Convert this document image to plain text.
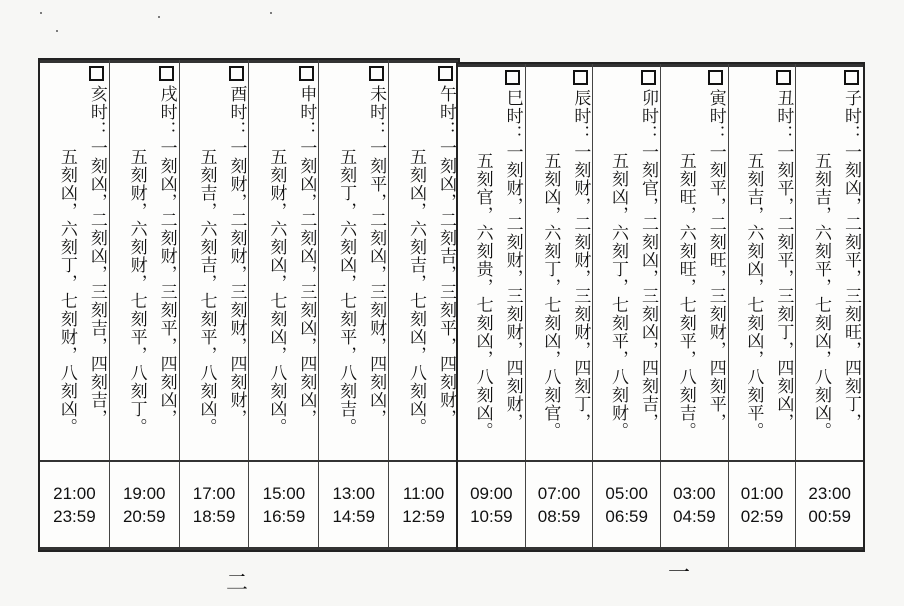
亥时：一刻凶，二刻凶，三刻吉，四刻吉，
五刻凶，六刻丁，七刻财，八刻凶。
戌时：一刻凶，二刻财，三刻平，四刻凶，
五刻财，六刻财，七刻平，八刻丁。
酉时：一刻财，二刻财，三刻财，四刻财，
五刻吉，六刻吉，七刻平，八刻凶。
申时：一刻凶，二刻凶，三刻凶，四刻凶，
五刻财，六刻凶，七刻凶，八刻凶。
未时：一刻平，二刻凶，三刻财，四刻凶，
五刻丁，六刻凶，七刻平，八刻吉。
午时：一刻凶，二刻吉，三刻平，四刻财，
五刻凶，六刻吉，七刻凶，八刻凶。
21:00
23:59
19:00
20:59
17:00
18:59
15:00
16:59
13:00
14:59
11:00
12:59
巳时：一刻财，二刻财，三刻财，四刻财，
五刻官，六刻贵，七刻凶，八刻凶。
辰时：一刻财，二刻财，三刻财，四刻丁，
五刻凶，六刻丁，七刻凶，八刻官。
卯时：一刻官，二刻凶，三刻凶，四刻吉，
五刻凶，六刻丁，七刻平，八刻财。
寅时：一刻平，二刻旺，三刻财，四刻平，
五刻旺，六刻旺，七刻平，八刻吉。
丑时：一刻平，二刻平，三刻丁，四刻凶，
五刻吉，六刻凶，七刻凶，八刻平。
子时：一刻凶，二刻平，三刻旺，四刻丁，
五刻吉，六刻平，七刻凶，八刻凶。
09:00
10:59
07:00
08:59
05:00
06:59
03:00
04:59
01:00
02:59
23:00
00:59
二	一
